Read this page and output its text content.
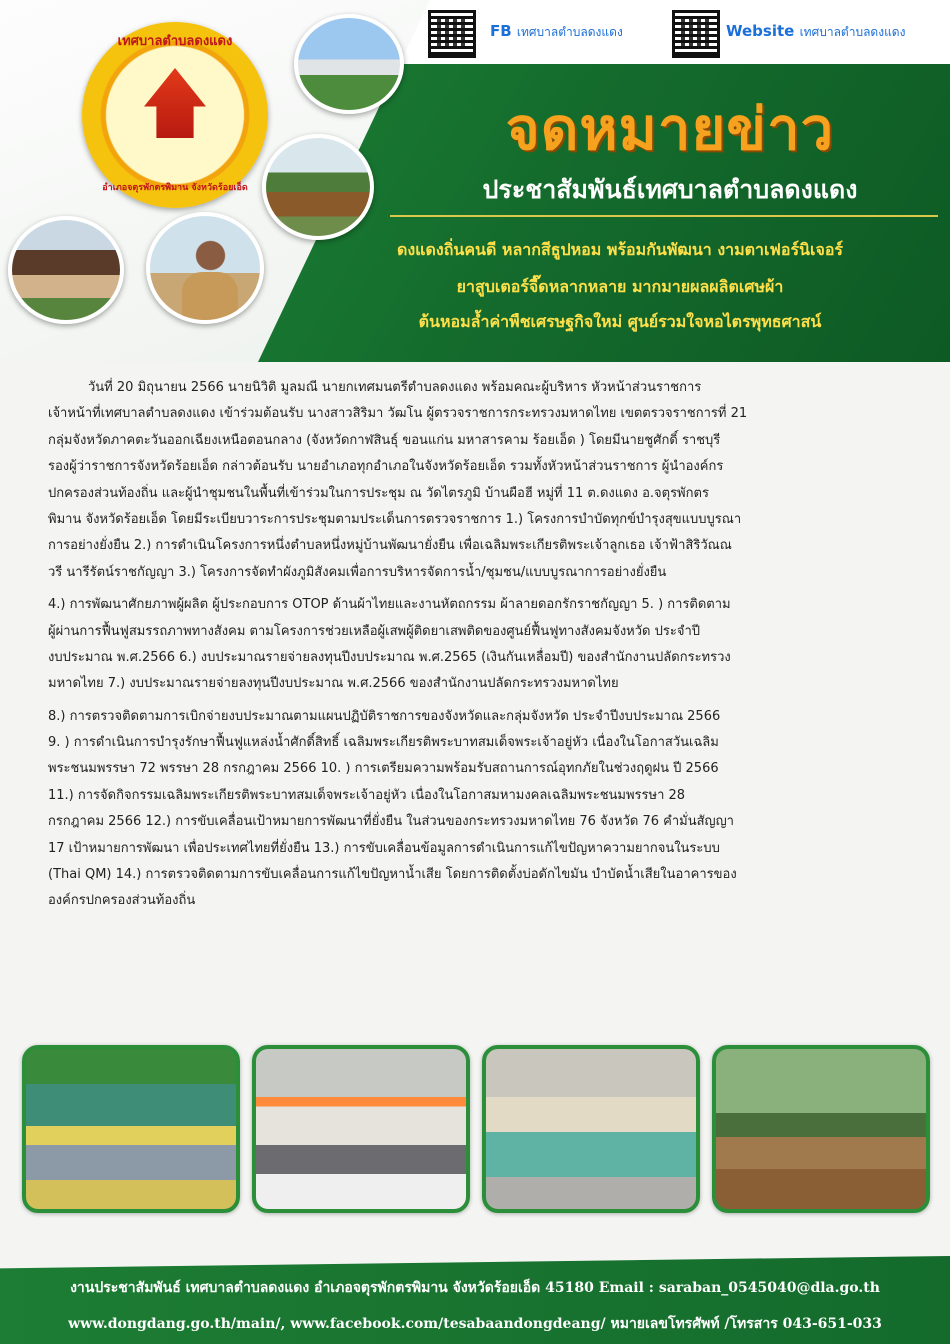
FB เทศบาลตำบลดงแดง	Website เทศบาลตำบลดงแดง
เทศบาลตำบลดงแดง
อำเภอจตุรพักตรพิมาน จังหวัดร้อยเอ็ด
จดหมายข่าว
ประชาสัมพันธ์เทศบาลตำบลดงแดง
ดงแดงถิ่นคนดี หลากสีธูปหอม พร้อมกันพัฒนา งามตาเฟอร์นิเจอร์
ยาสูบเตอร์จี๊ดหลากหลาย มากมายผลผลิตเศษผ้า
ต้นหอมล้ำค่าพืชเศรษฐกิจใหม่ ศูนย์รวมใจหอไตรพุทธศาสน์
วันที่ 20 มิถุนายน 2566 นายนิวิติ มูลมณี นายกเทศมนตรีตำบลดงแดง พร้อมคณะผู้บริหาร หัวหน้าส่วนราชการ
เจ้าหน้าที่เทศบาลตำบลดงแดง เข้าร่วมต้อนรับ นางสาวสิริมา วัฒโน ผู้ตรวจราชการกระทรวงมหาดไทย เขตตรวจราชการที่ 21
กลุ่มจังหวัดภาคตะวันออกเฉียงเหนือตอนกลาง (จังหวัดกาฬสินธุ์ ขอนแก่น มหาสารคาม ร้อยเอ็ด ) โดยมีนายชูศักดิ์ ราชบุรี
รองผู้ว่าราชการจังหวัดร้อยเอ็ด กล่าวต้อนรับ นายอำเภอทุกอำเภอในจังหวัดร้อยเอ็ด รวมทั้งหัวหน้าส่วนราชการ ผู้นำองค์กร
ปกครองส่วนท้องถิ่น และผู้นำชุมชนในพื้นที่เข้าร่วมในการประชุม ณ วัดไตรภูมิ บ้านผือฮี หมู่ที่ 11 ต.ดงแดง อ.จตุรพักตร
พิมาน จังหวัดร้อยเอ็ด โดยมีระเบียบวาระการประชุมตามประเด็นการตรวจราชการ 1.) โครงการบำบัดทุกข์บำรุงสุขแบบบูรณา
การอย่างยั่งยืน 2.) การดำเนินโครงการหนึ่งตำบลหนึ่งหมู่บ้านพัฒนายั่งยืน เพื่อเฉลิมพระเกียรติพระเจ้าลูกเธอ เจ้าฟ้าสิริวัณณ
วรี นารีรัตน์ราชกัญญา 3.) โครงการจัดทำผังภูมิสังคมเพื่อการบริหารจัดการน้ำ/ชุมชน/แบบบูรณาการอย่างยั่งยืน
4.) การพัฒนาศักยภาพผู้ผลิต ผู้ประกอบการ OTOP ด้านผ้าไทยและงานหัตถกรรม ผ้าลายดอกรักราชกัญญา 5. ) การติดตาม
ผู้ผ่านการฟื้นฟูสมรรถภาพทางสังคม ตามโครงการช่วยเหลือผู้เสพผู้ติดยาเสพติดของศูนย์ฟื้นฟูทางสังคมจังหวัด ประจำปี
งบประมาณ พ.ศ.2566 6.) งบประมาณรายจ่ายลงทุนปีงบประมาณ พ.ศ.2565 (เงินกันเหลื่อมปี) ของสำนักงานปลัดกระทรวง
มหาดไทย 7.) งบประมาณรายจ่ายลงทุนปีงบประมาณ พ.ศ.2566 ของสำนักงานปลัดกระทรวงมหาดไทย
8.) การตรวจติดตามการเบิกจ่ายงบประมาณตามแผนปฏิบัติราชการของจังหวัดและกลุ่มจังหวัด ประจำปีงบประมาณ 2566
9. ) การดำเนินการบำรุงรักษาฟื้นฟูแหล่งน้ำศักดิ์สิทธิ์ เฉลิมพระเกียรติพระบาทสมเด็จพระเจ้าอยู่หัว เนื่องในโอกาสวันเฉลิม
พระชนมพรรษา 72 พรรษา 28 กรกฎาคม 2566 10. ) การเตรียมความพร้อมรับสถานการณ์อุทกภัยในช่วงฤดูฝน ปี 2566
11.) การจัดกิจกรรมเฉลิมพระเกียรติพระบาทสมเด็จพระเจ้าอยู่หัว เนื่องในโอกาสมหามงคลเฉลิมพระชนมพรรษา 28
กรกฎาคม 2566 12.) การขับเคลื่อนเป้าหมายการพัฒนาที่ยั่งยืน ในส่วนของกระทรวงมหาดไทย 76 จังหวัด 76 คำมั่นสัญญา
17 เป้าหมายการพัฒนา เพื่อประเทศไทยที่ยั่งยืน 13.) การขับเคลื่อนข้อมูลการดำเนินการแก้ไขปัญหาความยากจนในระบบ
(Thai QM) 14.) การตรวจติดตามการขับเคลื่อนการแก้ไขปัญหาน้ำเสีย โดยการติดตั้งบ่อดักไขมัน บำบัดน้ำเสียในอาคารของ
องค์กรปกครองส่วนท้องถิ่น
งานประชาสัมพันธ์ เทศบาลตำบลดงแดง อำเภอจตุรพักตรพิมาน จังหวัดร้อยเอ็ด 45180 Email : saraban_0545040@dla.go.th
www.dongdang.go.th/main/, www.facebook.com/tesabaandongdeang/ หมายเลขโทรศัพท์ /โทรสาร 043-651-033
